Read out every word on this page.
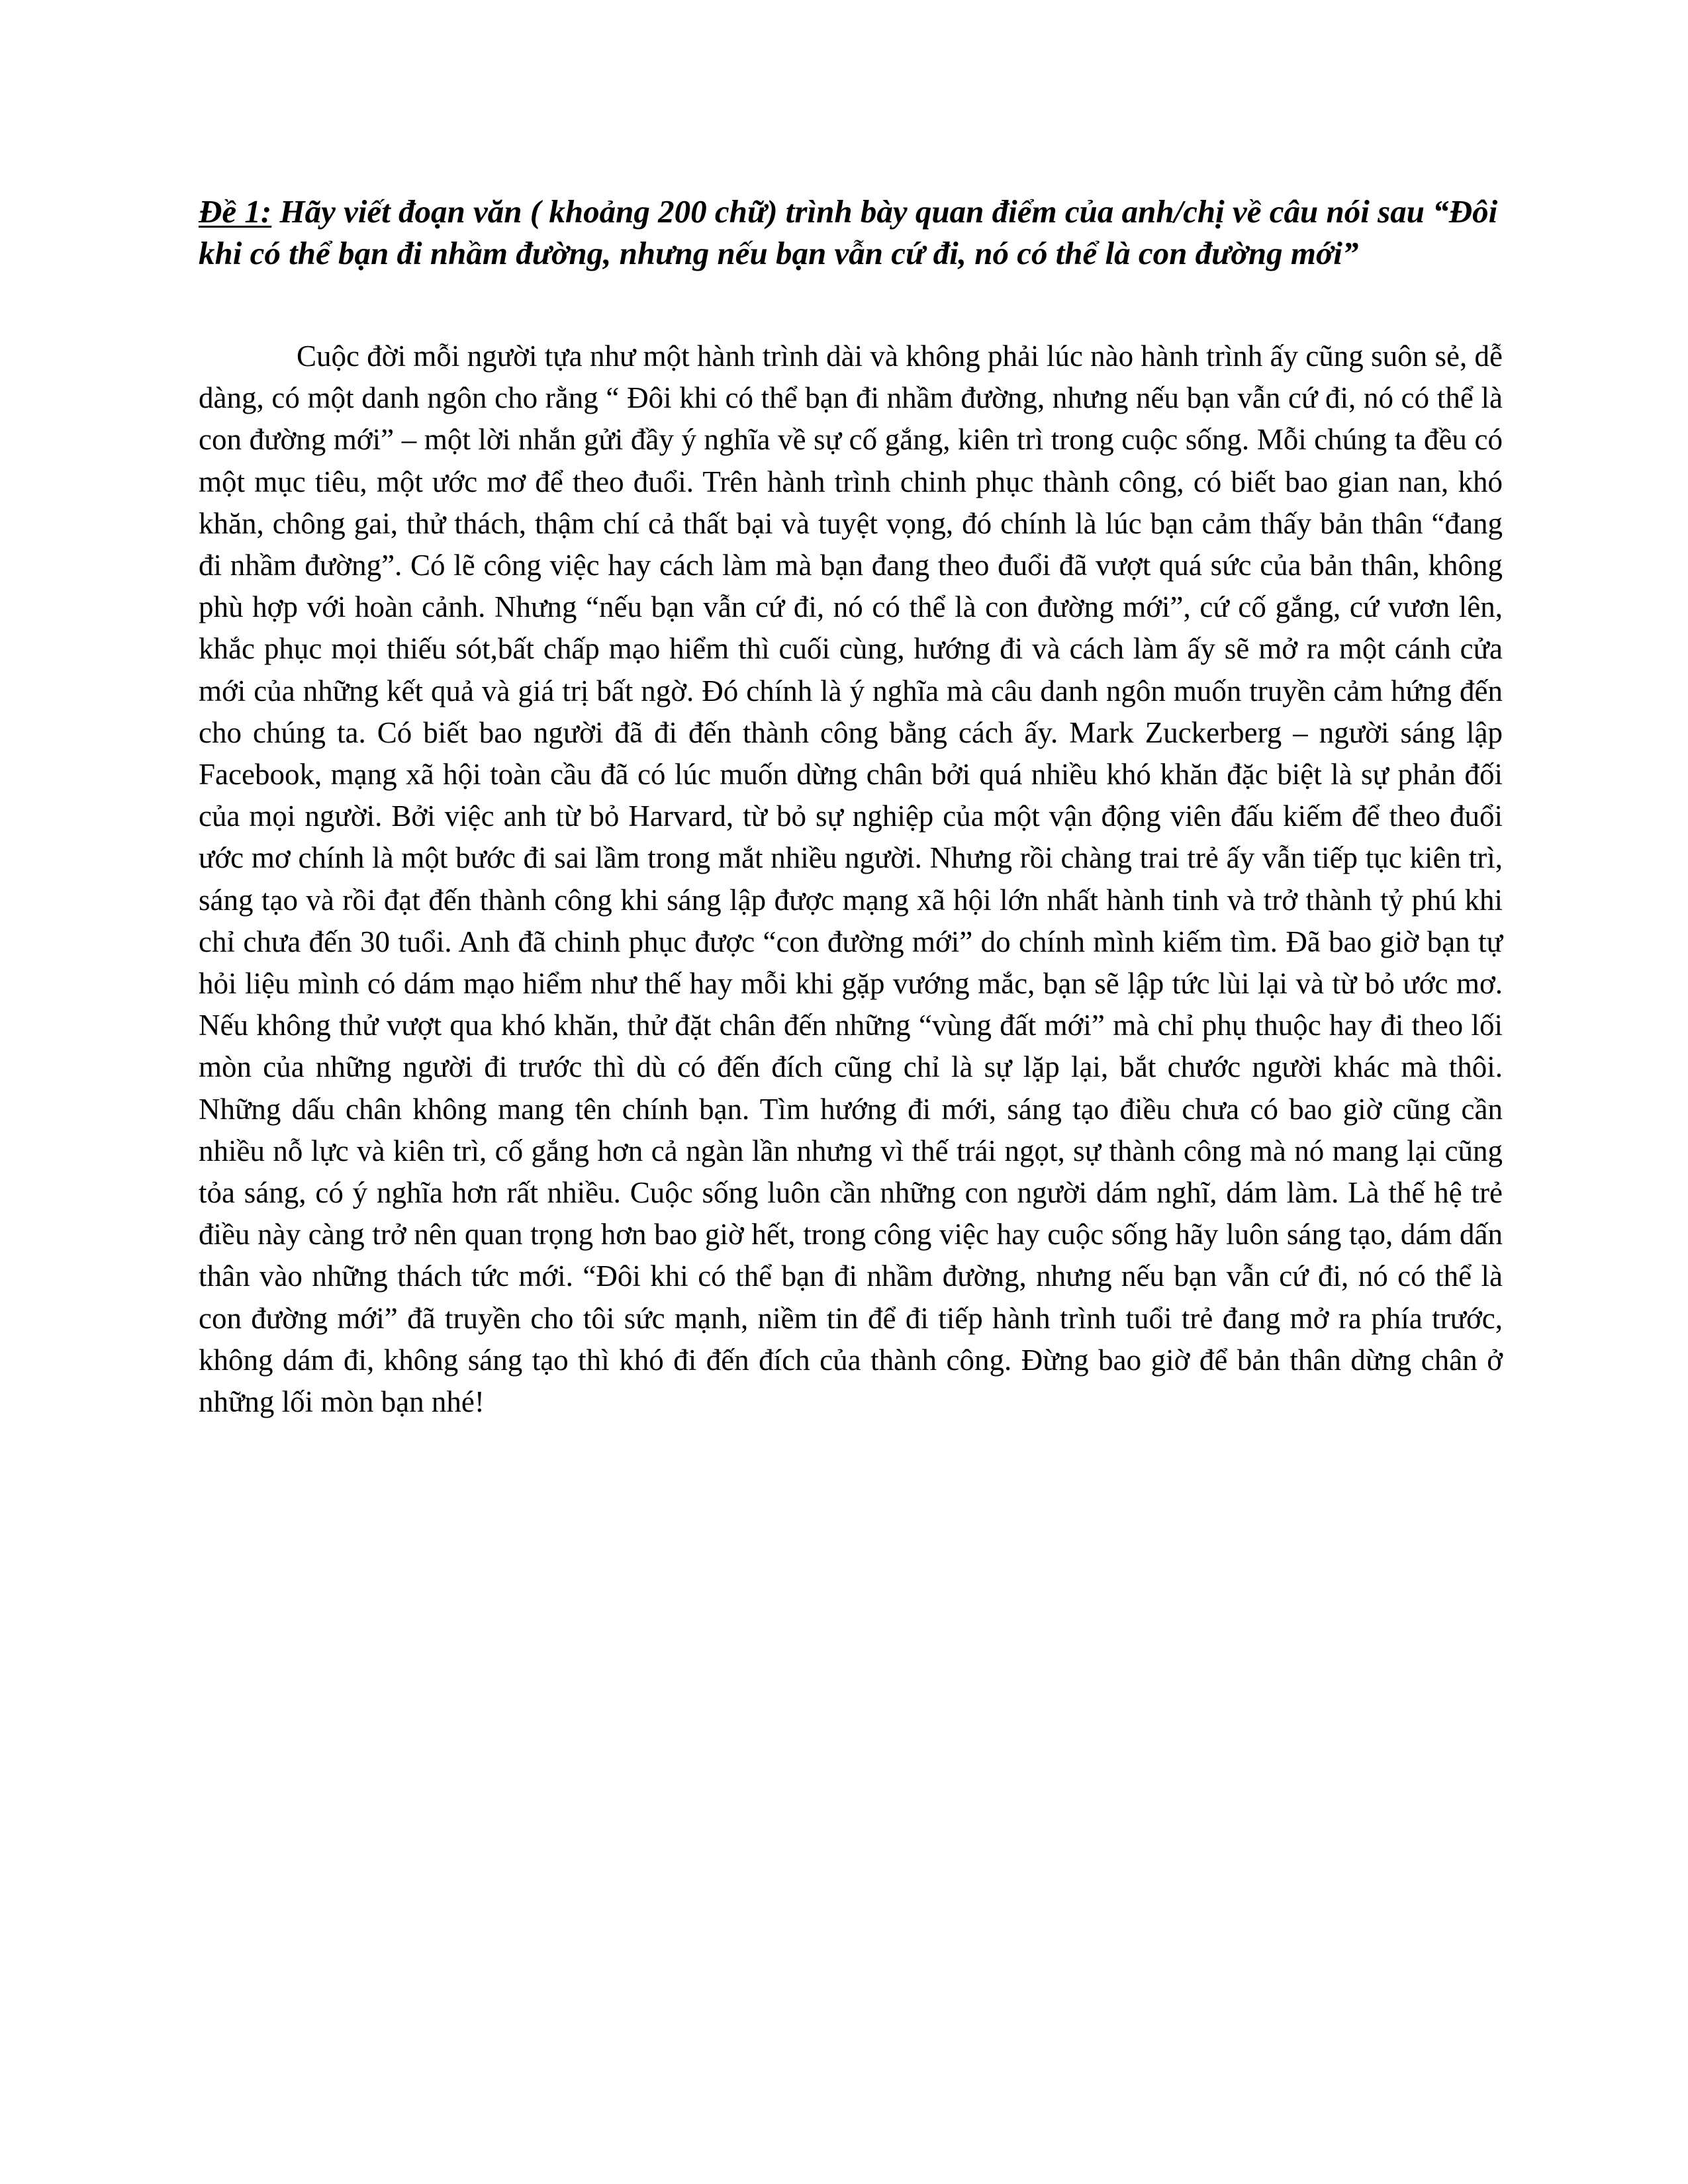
Đề 1: Hãy viết đoạn văn ( khoảng 200 chữ) trình bày quan điểm của anh/chị về câu nói sau “Đôi khi có thể bạn đi nhầm đường, nhưng nếu bạn vẫn cứ đi, nó có thể là con đường mới”

Cuộc đời mỗi người tựa như một hành trình dài và không phải lúc nào hành trình ấy cũng suôn sẻ, dễ dàng, có một danh ngôn cho rằng “ Đôi khi có thể bạn đi nhầm đường, nhưng nếu bạn vẫn cứ đi, nó có thể là con đường mới” – một lời nhắn gửi đầy ý nghĩa về sự cố gắng, kiên trì trong cuộc sống. Mỗi chúng ta đều có một mục tiêu, một ước mơ để theo đuổi. Trên hành trình chinh phục thành công, có biết bao gian nan, khó khăn, chông gai, thử thách, thậm chí cả thất bại và tuyệt vọng, đó chính là lúc bạn cảm thấy bản thân “đang đi nhầm đường”. Có lẽ công việc hay cách làm mà bạn đang theo đuổi đã vượt quá sức của bản thân, không phù hợp với hoàn cảnh. Nhưng “nếu bạn vẫn cứ đi, nó có thể là con đường mới”, cứ cố gắng, cứ vươn lên, khắc phục mọi thiếu sót,bất chấp mạo hiểm thì cuối cùng, hướng đi và cách làm ấy sẽ mở ra một cánh cửa mới của những kết quả và giá trị bất ngờ. Đó chính là ý nghĩa mà câu danh ngôn muốn truyền cảm hứng đến cho chúng ta. Có biết bao người đã đi đến thành công bằng cách ấy. Mark Zuckerberg – người sáng lập Facebook, mạng xã hội toàn cầu đã có lúc muốn dừng chân bởi quá nhiều khó khăn đặc biệt là sự phản đối của mọi người. Bởi việc anh từ bỏ Harvard, từ bỏ sự nghiệp của một vận động viên đấu kiếm để theo đuổi ước mơ chính là một bước đi sai lầm trong mắt nhiều người. Nhưng rồi chàng trai trẻ ấy vẫn tiếp tục kiên trì, sáng tạo và rồi đạt đến thành công khi sáng lập được mạng xã hội lớn nhất hành tinh và trở thành tỷ phú khi chỉ chưa đến 30 tuổi. Anh đã chinh phục được “con đường mới” do chính mình kiếm tìm. Đã bao giờ bạn tự hỏi liệu mình có dám mạo hiểm như thế hay mỗi khi gặp vướng mắc, bạn sẽ lập tức lùi lại và từ bỏ ước mơ. Nếu không thử vượt qua khó khăn, thử đặt chân đến những “vùng đất mới” mà chỉ phụ thuộc hay đi theo lối mòn của những người đi trước thì dù có đến đích cũng chỉ là sự lặp lại, bắt chước người khác mà thôi. Những dấu chân không mang tên chính bạn. Tìm hướng đi mới, sáng tạo điều chưa có bao giờ cũng cần nhiều nỗ lực và kiên trì, cố gắng hơn cả ngàn lần nhưng vì thế trái ngọt, sự thành công mà nó mang lại cũng tỏa sáng, có ý nghĩa hơn rất nhiều. Cuộc sống luôn cần những con người dám nghĩ, dám làm. Là thế hệ trẻ điều này càng trở nên quan trọng hơn bao giờ hết, trong công việc hay cuộc sống hãy luôn sáng tạo, dám dấn thân vào những thách tức mới. “Đôi khi có thể bạn đi nhầm đường, nhưng nếu bạn vẫn cứ đi, nó có thể là con đường mới” đã truyền cho tôi sức mạnh, niềm tin để đi tiếp hành trình tuổi trẻ đang mở ra phía trước, không dám đi, không sáng tạo thì khó đi đến đích của thành công. Đừng bao giờ để bản thân dừng chân ở những lối mòn bạn nhé!
